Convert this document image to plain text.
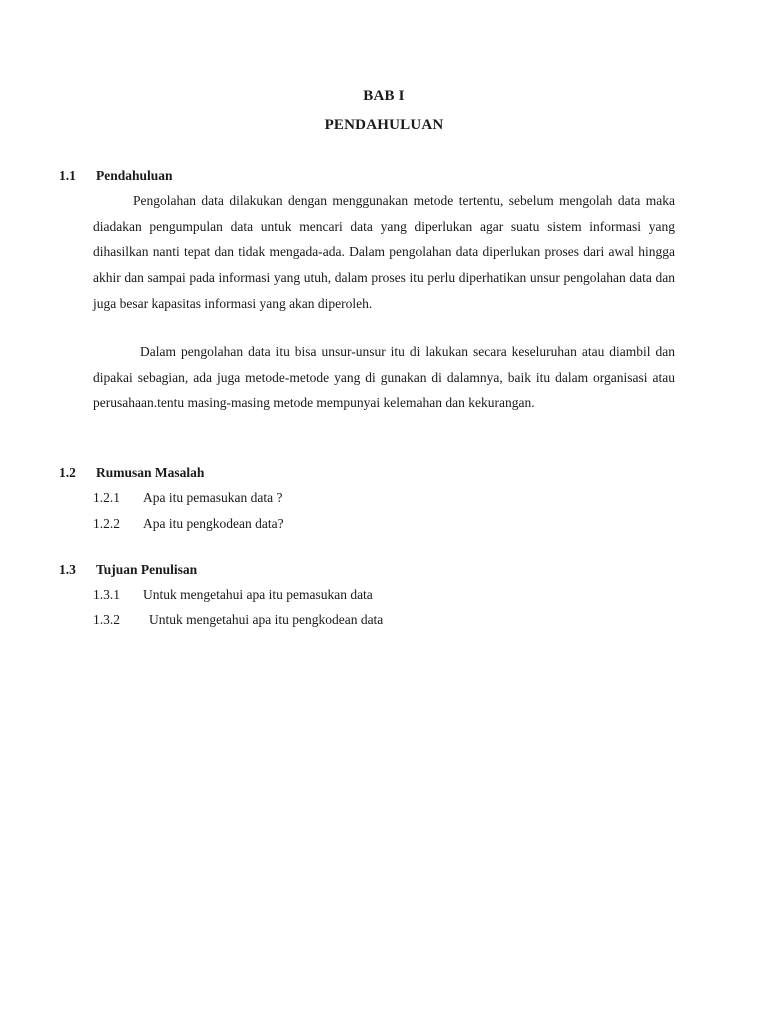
BAB I
PENDAHULUAN
1.1 Pendahuluan

Pengolahan data dilakukan dengan menggunakan metode tertentu, sebelum mengolah data maka diadakan pengumpulan data untuk mencari data yang diperlukan agar suatu sistem informasi yang dihasilkan nanti tepat dan tidak mengada-ada. Dalam pengolahan data diperlukan proses dari awal hingga akhir dan sampai pada informasi yang utuh, dalam proses itu perlu diperhatikan unsur pengolahan data dan juga besar kapasitas informasi yang akan diperoleh.

Dalam pengolahan data itu bisa unsur-unsur itu di lakukan secara keseluruhan atau diambil dan dipakai sebagian, ada juga metode-metode yang di gunakan di dalamnya, baik itu dalam organisasi atau perusahaan.tentu masing-masing metode mempunyai kelemahan dan kekurangan.

1.2 Rumusan Masalah
1.2.1 Apa itu pemasukan data ?
1.2.2 Apa itu pengkodean data?
1.3 Tujuan Penulisan
1.3.1 Untuk mengetahui apa itu pemasukan data
1.3.2 Untuk mengetahui apa itu pengkodean data
